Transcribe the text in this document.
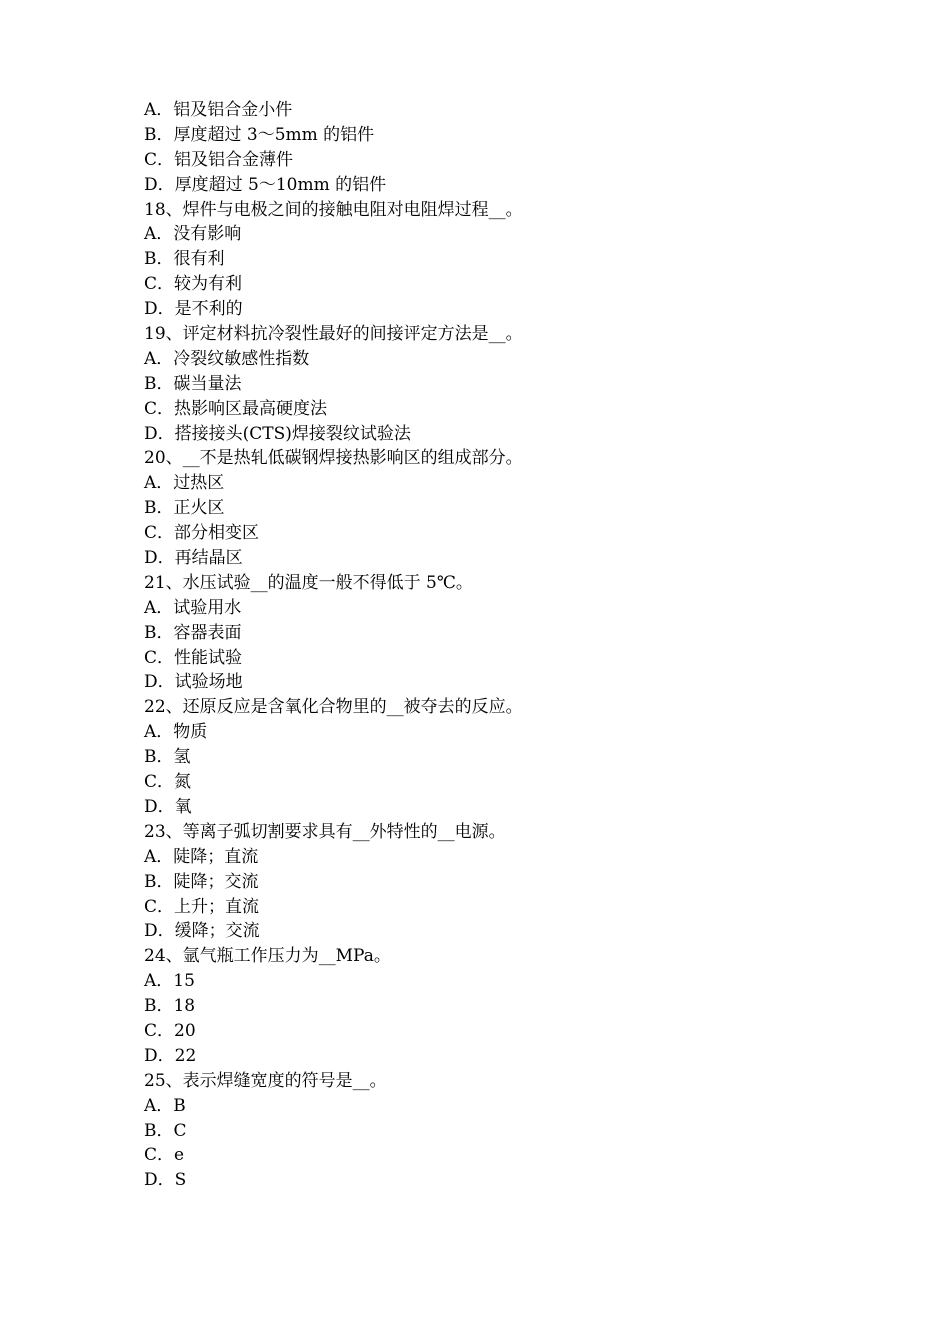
A．铝及铝合金小件
B．厚度超过 3～5mm 的铝件
C．铝及铝合金薄件
D．厚度超过 5～10mm 的铝件
18、焊件与电极之间的接触电阻对电阻焊过程__。
A．没有影响
B．很有利
C．较为有利
D．是不利的
19、评定材料抗冷裂性最好的间接评定方法是__。
A．冷裂纹敏感性指数
B．碳当量法
C．热影响区最高硬度法
D．搭接接头(CTS)焊接裂纹试验法
20、__不是热轧低碳钢焊接热影响区的组成部分。
A．过热区
B．正火区
C．部分相变区
D．再结晶区
21、水压试验__的温度一般不得低于 5℃。
A．试验用水
B．容器表面
C．性能试验
D．试验场地
22、还原反应是含氧化合物里的__被夺去的反应。
A．物质
B．氢
C．氮
D．氧
23、等离子弧切割要求具有__外特性的__电源。
A．陡降；直流
B．陡降；交流
C．上升；直流
D．缓降；交流
24、氩气瓶工作压力为__MPa。
A．15
B．18
C．20
D．22
25、表示焊缝宽度的符号是__。
A．B
B．C
C．e
D．S
